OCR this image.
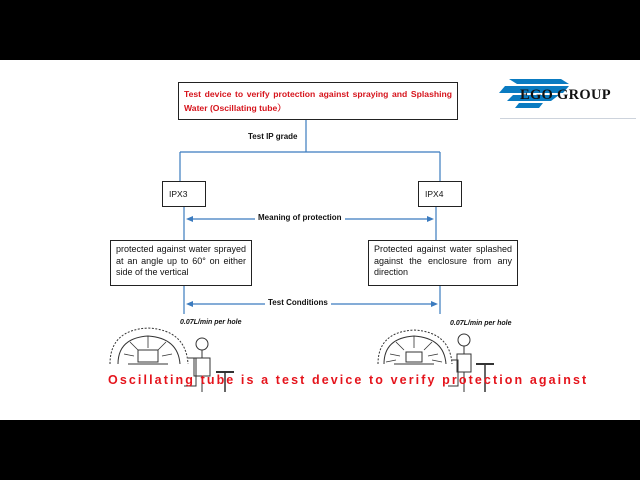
EGO GROUP
Test device to verify protection against spraying and Splashing Water (Oscillating tube）
Test IP grade
Meaning of protection
Test Conditions
IPX3	IPX4
protected against water sprayed at an angle up to 60° on either side of the vertical
Protected against water splashed against the enclosure from any direction
0.07L/min per hole	0.07L/min per hole
Oscillating tube is a test device to verify protection against
